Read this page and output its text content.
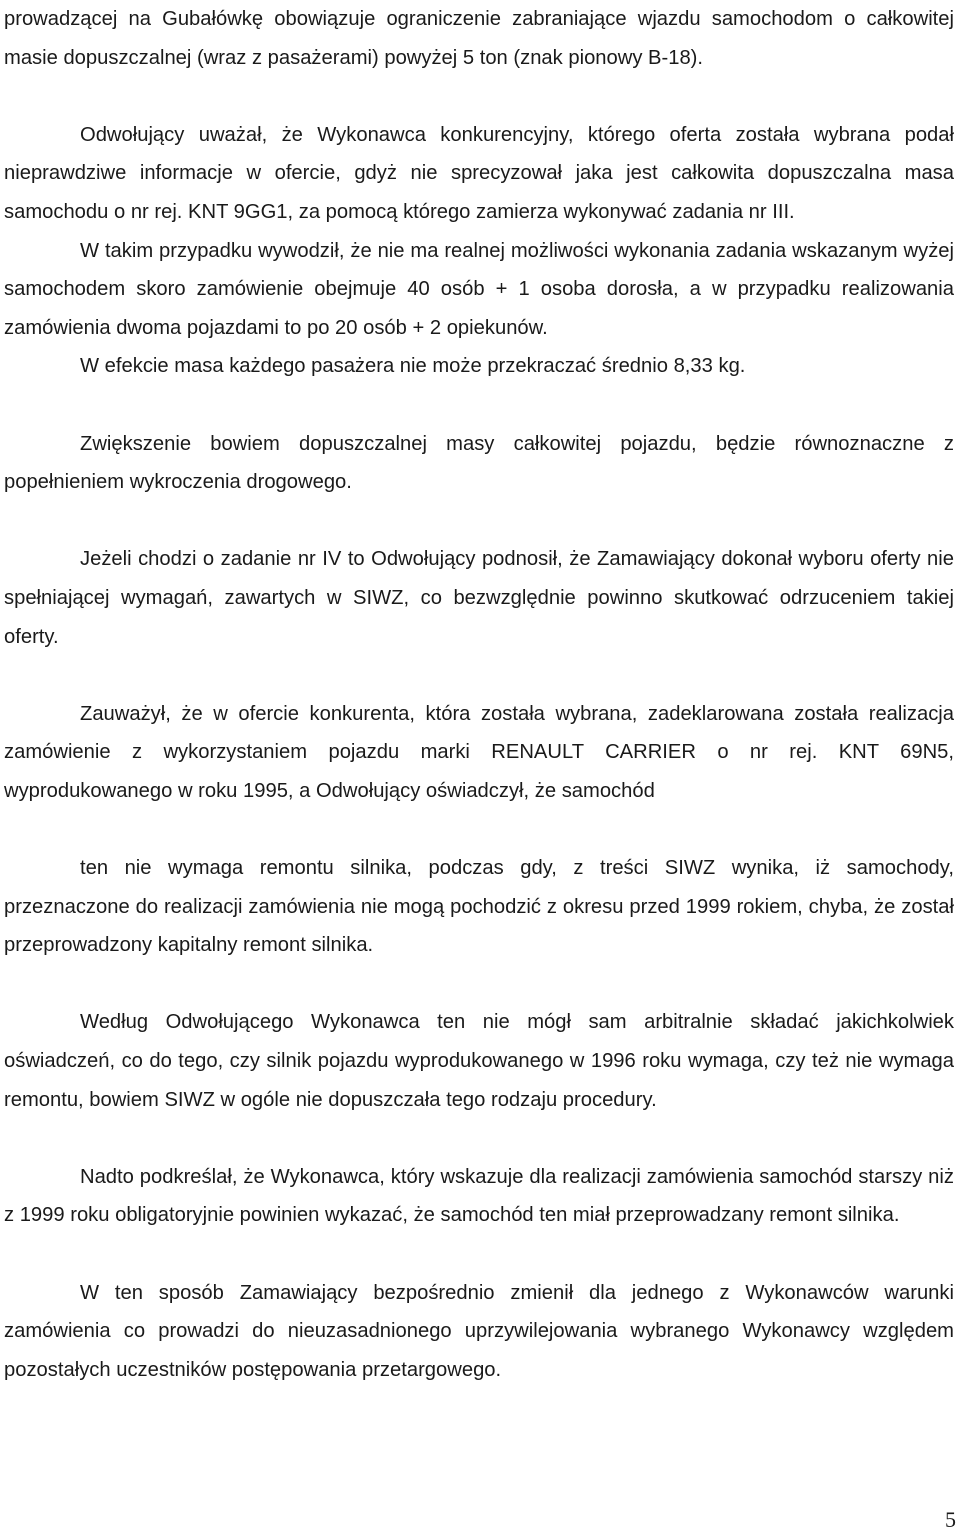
prowadzącej na Gubałówkę obowiązuje ograniczenie zabraniające wjazdu samochodom o całkowitej masie dopuszczalnej (wraz z pasażerami) powyżej 5 ton (znak pionowy B-18).

Odwołujący uważał, że Wykonawca konkurencyjny, którego oferta została wybrana podał nieprawdziwe informacje w ofercie, gdyż nie sprecyzował jaka jest całkowita dopuszczalna masa samochodu o nr rej. KNT 9GG1, za pomocą którego zamierza wykonywać zadania nr III.

W takim przypadku wywodził, że nie ma realnej możliwości wykonania zadania wskazanym wyżej samochodem skoro zamówienie obejmuje 40 osób + 1 osoba dorosła, a w przypadku realizowania zamówienia dwoma pojazdami to po 20 osób + 2 opiekunów.

W efekcie masa każdego pasażera nie może przekraczać średnio 8,33 kg.

Zwiększenie bowiem dopuszczalnej masy całkowitej pojazdu, będzie równoznaczne z popełnieniem wykroczenia drogowego.

Jeżeli chodzi o zadanie nr IV to Odwołujący podnosił, że Zamawiający dokonał wyboru oferty nie spełniającej wymagań, zawartych w SIWZ, co bezwzględnie powinno skutkować odrzuceniem takiej oferty.

Zauważył, że w ofercie konkurenta, która została wybrana, zadeklarowana została realizacja zamówienie z wykorzystaniem pojazdu marki RENAULT CARRIER o nr rej. KNT 69N5, wyprodukowanego w roku 1995, a Odwołujący oświadczył, że samochód

ten nie wymaga remontu silnika, podczas gdy, z treści SIWZ wynika, iż samochody, przeznaczone do realizacji zamówienia nie mogą pochodzić z okresu przed 1999 rokiem, chyba, że został przeprowadzony kapitalny remont silnika.

Według Odwołującego Wykonawca ten nie mógł sam arbitralnie składać jakichkolwiek oświadczeń, co do tego, czy silnik pojazdu wyprodukowanego w 1996 roku wymaga, czy też nie wymaga remontu, bowiem SIWZ w ogóle nie dopuszczała tego rodzaju procedury.

Nadto podkreślał, że Wykonawca, który wskazuje dla realizacji zamówienia samochód starszy niż z 1999 roku obligatoryjnie powinien wykazać, że samochód ten miał przeprowadzany remont silnika.

W ten sposób Zamawiający bezpośrednio zmienił dla jednego z Wykonawców warunki zamówienia co prowadzi do nieuzasadnionego uprzywilejowania wybranego Wykonawcy względem pozostałych uczestników postępowania przetargowego.

5
